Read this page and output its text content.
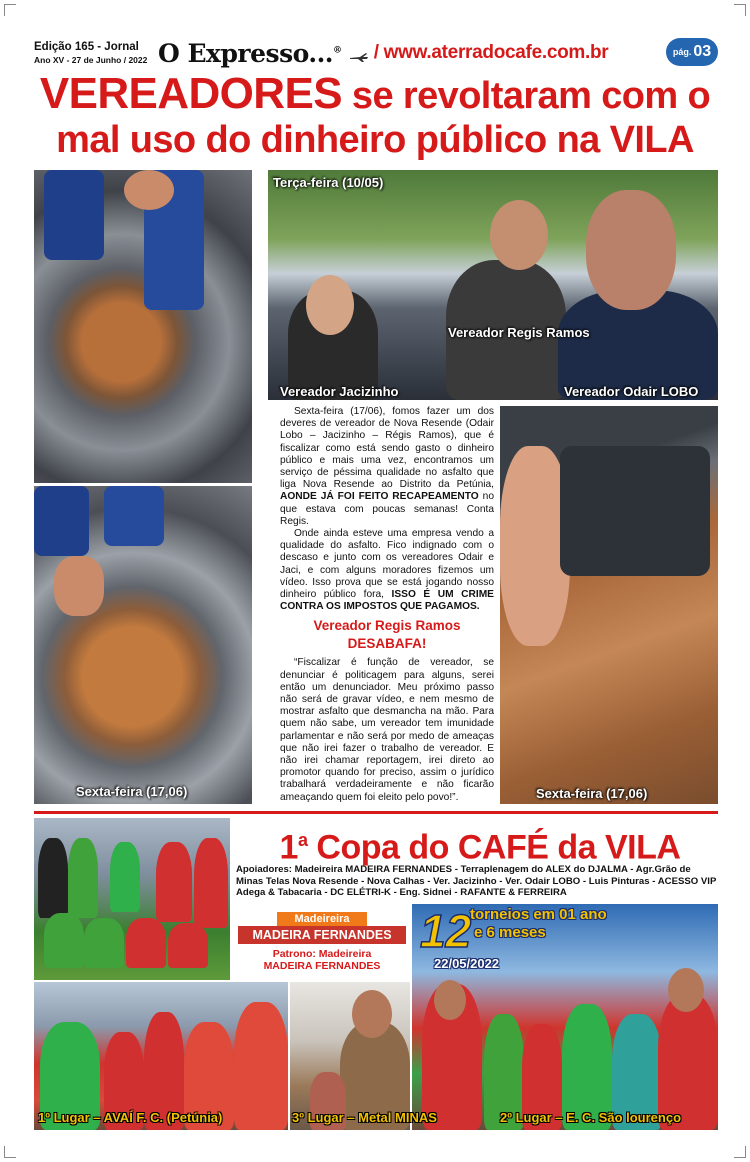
Edição 165 - Jornal
Ano XV - 27 de Junho / 2022 O Expresso...®	/ www.aterradocafe.com.br	pág. 03
VEREADORES se revoltaram com o
mal uso do dinheiro público na VILA
Sexta-feira (17,06)
Terça-feira (10/05)
Vereador Regis Ramos
Vereador Jacizinho	Vereador Odair LOBO
Sexta-feira (17,06)

Sexta-feira (17/06), fomos fazer um dos deveres de vereador de Nova Resende (Odair Lobo – Jacizinho – Régis Ramos), que é fiscalizar como está sendo gasto o dinheiro público e mais uma vez, encontramos um serviço de péssima qualidade no asfalto que liga Nova Resende ao Distrito da Petúnia, AONDE JÁ FOI FEITO RECAPEAMENTO no que estava com poucas semanas! Conta Regis.

Onde ainda esteve uma empresa vendo a qualidade do asfalto. Fico indignado com o descaso e junto com os vereadores Odair e Jaci, e com alguns moradores fizemos um vídeo. Isso prova que se está jogando nosso dinheiro público fora, ISSO É UM CRIME CONTRA OS IMPOSTOS QUE PAGAMOS.

Vereador Regis Ramos
DESABAFA!

“Fiscalizar é função de vereador, se denunciar é politicagem para alguns, serei então um denunciador. Meu próximo passo não será de gravar vídeo, e nem mesmo de mostrar asfalto que desmancha na mão. Para quem não sabe, um vereador tem imunidade parlamentar e não será por medo de ameaças que não irei fazer o trabalho de vereador. E não irei chamar reportagem, irei direto ao promotor quando for preciso, assim o jurídico trabalhará verdadeiramente e não ficarão ameaçando quem foi eleito pelo povo!”.

1$^a$ Copa do CAFÉ da VILA
Apoiadores: Madeireira MADEIRA FERNANDES - Terraplenagem do ALEX do DJALMA - Agr.Grão de Minas Telas Nova Resende - Nova Calhas - Ver. Jacizinho - Ver. Odair LOBO - Luis Pinturas - ACESSO VIP Adega & Tabacaria - DC ELÉTRI-K - Eng. Sidnei - RAFANTE & FERREIRA
Madeireira
MADEIRA FERNANDES
Patrono: Madeireira
MADEIRA FERNANDES
12
torneios em 01 ano
e 6 meses
22/05/2022
1º Lugar – AVAÍ F. C. (Petúnia)	3º Lugar – Metal MINAS	2º Lugar – E. C. São lourenço
